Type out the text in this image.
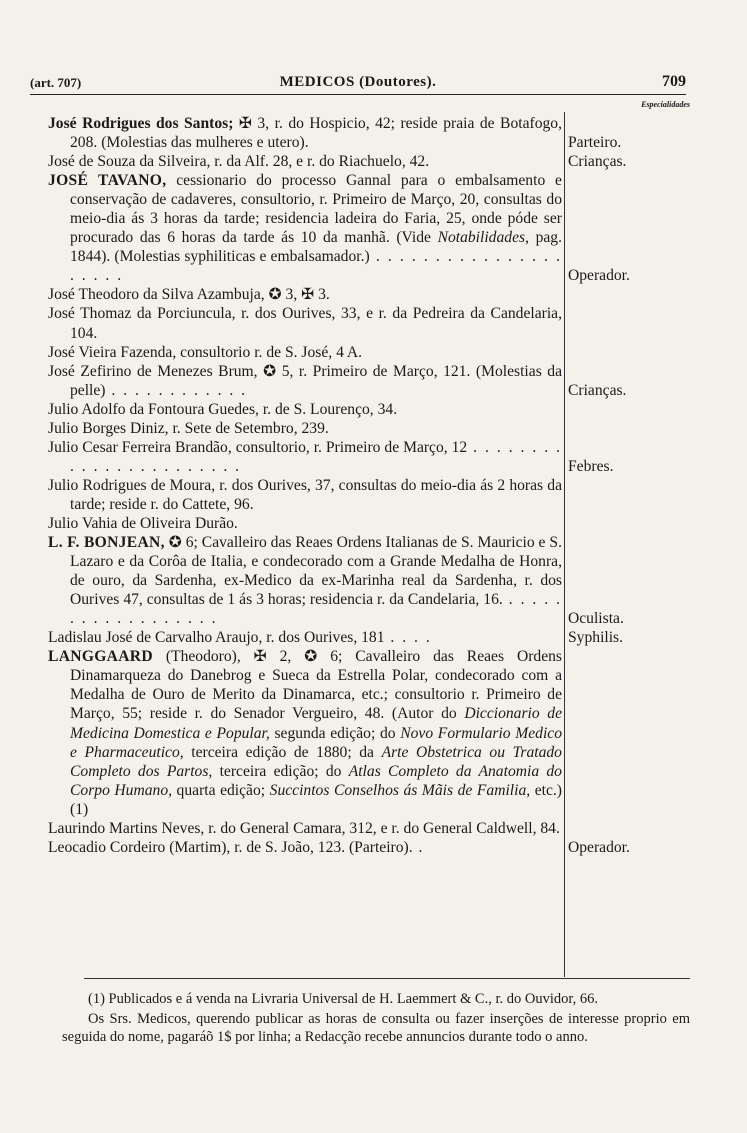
(art. 707)	MEDICOS (Doutores).	709
Especialidades
José Rodrigues dos Santos; ✠ 3, r. do Hospicio, 42; reside praia de Botafogo, 208. (Molestias das mulheres e utero).	Parteiro.
José de Souza da Silveira, r. da Alf. 28, e r. do Riachuelo, 42.	Crianças.
JOSÉ TAVANO, cessionario do processo Gannal para o embalsamento e conservação de cadaveres, consultorio, r. Primeiro de Março, 20, consultas do meio-dia ás 3 horas da tarde; residencia ladeira do Faria, 25, onde póde ser procurado das 6 horas da tarde ás 10 da manhã. (Vide Notabilidades, pag. 1844). (Molestias syphiliticas e embalsamador.) . . . . . . . . . . . . . . . . . . . . .	Operador.
José Theodoro da Silva Azambuja, ✪ 3, ✠ 3.
José Thomaz da Porciuncula, r. dos Ourives, 33, e r. da Pedreira da Candelaria, 104.
José Vieira Fazenda, consultorio r. de S. José, 4 A.
José Zefirino de Menezes Brum, ✪ 5, r. Primeiro de Março, 121. (Molestias da pelle) . . . . . . . . . . . .	Crianças.
Julio Adolfo da Fontoura Guedes, r. de S. Lourenço, 34.
Julio Borges Diniz, r. Sete de Setembro, 239.
Julio Cesar Ferreira Brandão, consultorio, r. Primeiro de Março, 12 . . . . . . . . . . . . . . . . . . . . . . .	Febres.
Julio Rodrigues de Moura, r. dos Ourives, 37, consultas do meio-dia ás 2 horas da tarde; reside r. do Cattete, 96.
Julio Vahia de Oliveira Durão.
L. F. BONJEAN, ✪ 6; Cavalleiro das Reaes Ordens Italianas de S. Mauricio e S. Lazaro e da Corôa de Italia, e condecorado com a Grande Medalha de Honra, de ouro, da Sardenha, ex-Medico da ex-Marinha real da Sardenha, r. dos Ourives 47, consultas de 1 ás 3 horas; residencia r. da Candelaria, 16. . . . . . . . . . . . . . . . . . .	Oculista.
Ladislau José de Carvalho Araujo, r. dos Ourives, 181 . . . .	Syphilis.
LANGGAARD (Theodoro), ✠ 2, ✪ 6; Cavalleiro das Reaes Ordens Dinamarqueza do Danebrog e Sueca da Estrella Polar, condecorado com a Medalha de Ouro de Merito da Dinamarca, etc.; consultorio r. Primeiro de Março, 55; reside r. do Senador Vergueiro, 48. (Autor do Diccionario de Medicina Domestica e Popular, segunda edição; do Novo Formulario Medico e Pharmaceutico, terceira edição de 1880; da Arte Obstetrica ou Tratado Completo dos Partos, terceira edição; do Atlas Completo da Anatomia do Corpo Humano, quarta edição; Succintos Conselhos ás Mãis de Familia, etc.) (1)
Laurindo Martins Neves, r. do General Camara, 312, e r. do General Caldwell, 84.
Leocadio Cordeiro (Martim), r. de S. João, 123. (Parteiro). .	Operador.

(1) Publicados e á venda na Livraria Universal de H. Laemmert & C., r. do Ouvidor, 66.

Os Srs. Medicos, querendo publicar as horas de consulta ou fazer inserções de interesse proprio em seguida do nome, pagaráõ 1$ por linha; a Redacção recebe annuncios durante todo o anno.
